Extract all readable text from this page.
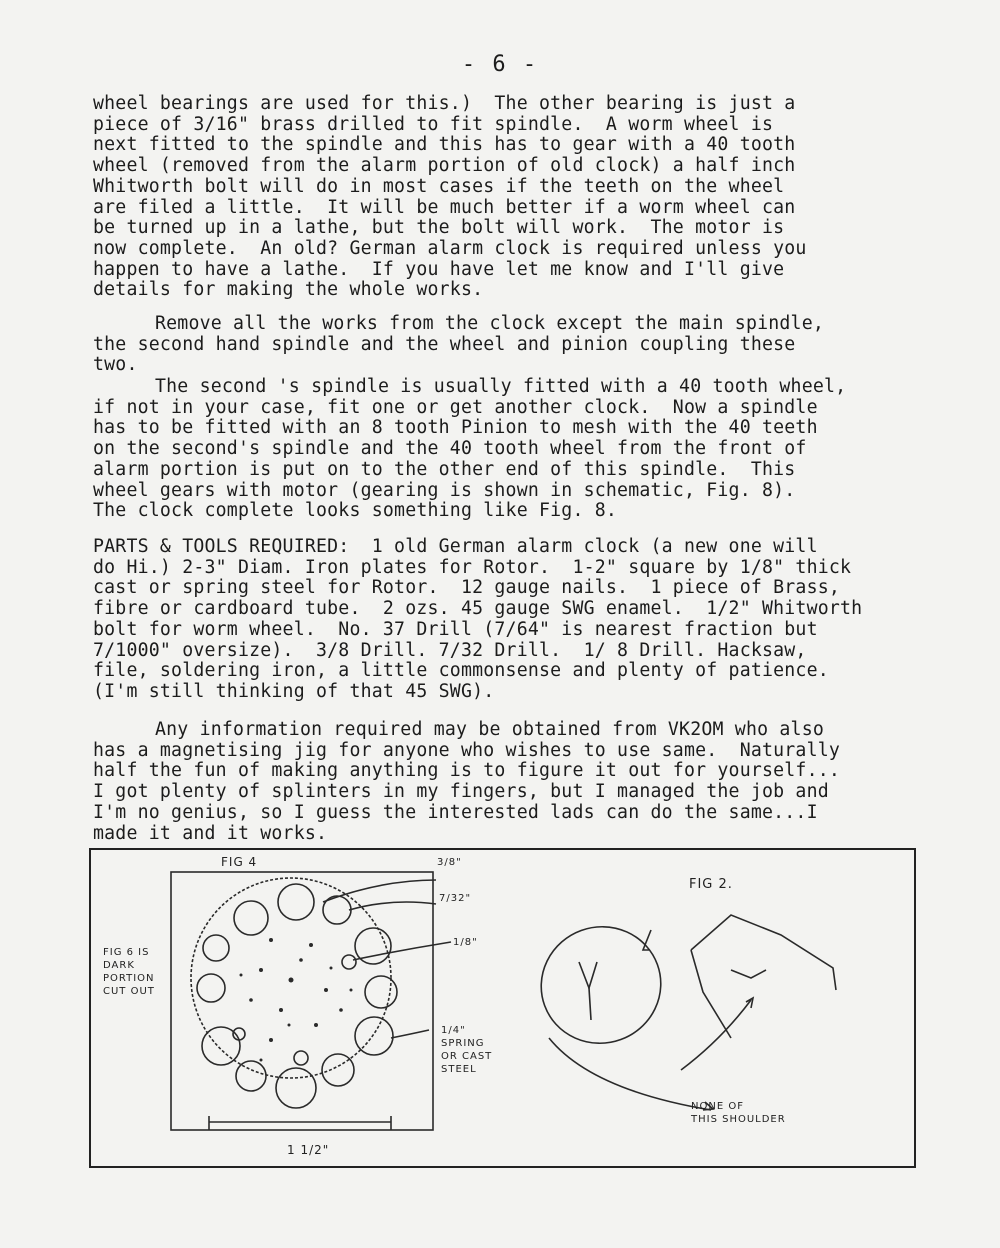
- 6 -
wheel bearings are used for this.)  The other bearing is just a
piece of 3/16" brass drilled to fit spindle.  A worm wheel is
next fitted to the spindle and this has to gear with a 40 tooth
wheel (removed from the alarm portion of old clock) a half inch
Whitworth bolt will do in most cases if the teeth on the wheel
are filed a little.  It will be much better if a worm wheel can
be turned up in a lathe, but the bolt will work.  The motor is
now complete.  An old? German alarm clock is required unless you
happen to have a lathe.  If you have let me know and I'll give
details for making the whole works.
Remove all the works from the clock except the main spindle,
the second hand spindle and the wheel and pinion coupling these
two.
The second 's spindle is usually fitted with a 40 tooth wheel,
if not in your case, fit one or get another clock.  Now a spindle
has to be fitted with an 8 tooth Pinion to mesh with the 40 teeth
on the second's spindle and the 40 tooth wheel from the front of
alarm portion is put on to the other end of this spindle.  This
wheel gears with motor (gearing is shown in schematic, Fig. 8).
The clock complete looks something like Fig. 8.
PARTS & TOOLS REQUIRED:  1 old German alarm clock (a new one will
do Hi.) 2-3" Diam. Iron plates for Rotor.  1-2" square by 1/8" thick
cast or spring steel for Rotor.  12 gauge nails.  1 piece of Brass,
fibre or cardboard tube.  2 ozs. 45 gauge SWG enamel.  1/2" Whitworth
bolt for worm wheel.  No. 37 Drill (7/64" is nearest fraction but
7/1000" oversize).  3/8 Drill. 7/32 Drill.  1/ 8 Drill. Hacksaw,
file, soldering iron, a little commonsense and plenty of patience.
(I'm still thinking of that 45 SWG).
Any information required may be obtained from VK2OM who also
has a magnetising jig for anyone who wishes to use same.  Naturally
half the fun of making anything is to figure it out for yourself...
I got plenty of splinters in my fingers, but I managed the job and
I'm no genius, so I guess the interested lads can do the same...I
made it and it works.
FIG 4
FIG 2.
3/8"
7/32"
1/8"
1 1/2"
FIG 6 IS
DARK
PORTION
CUT OUT
1/4"
SPRING
OR CAST
STEEL
NONE OF
THIS SHOULDER
